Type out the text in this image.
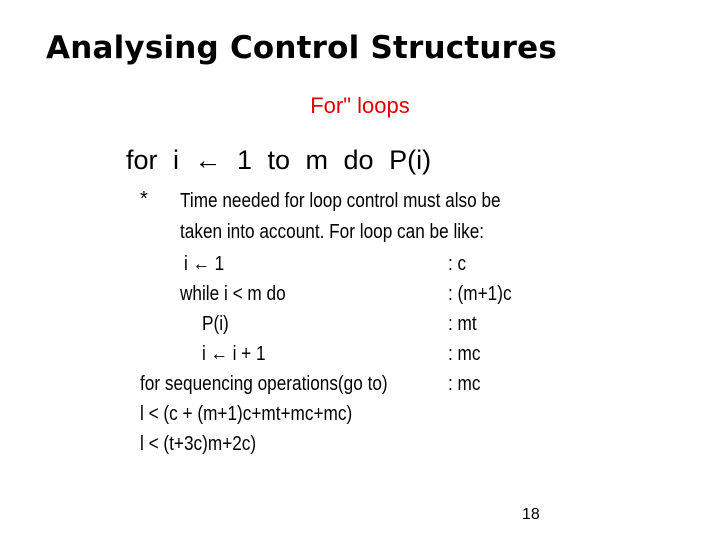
Analysing Control Structures
For" loops
for i ← 1 to m do P(i)
* Time needed for loop control must also be
taken into account. For loop can be like:
i ← 1	: c
while i < m do	: (m+1)c
P(i)	: mt
i ← i + 1	: mc
for sequencing operations(go to)	: mc
l < (c + (m+1)c+mt+mc+mc)
l < (t+3c)m+2c)
18
